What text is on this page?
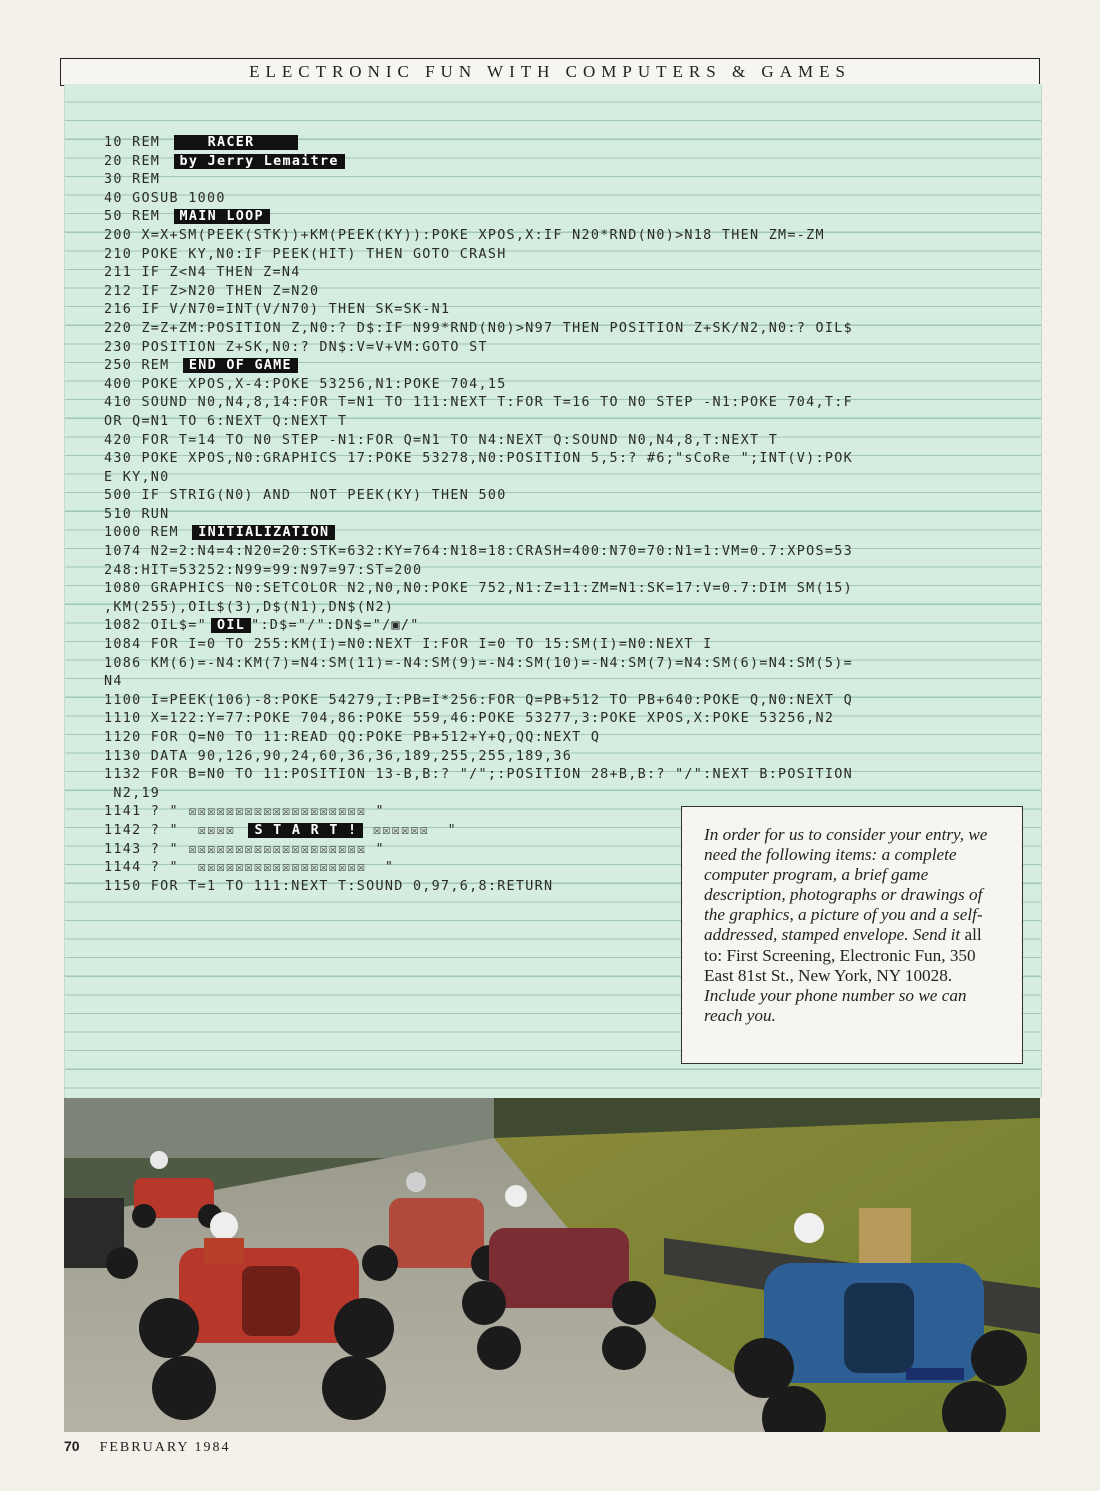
ELECTRONIC FUN WITH COMPUTERS & GAMES
10 REM    RACER
20 REM by Jerry Lemaitre
30 REM
40 GOSUB 1000
50 REM MAIN LOOP
200 X=X+SM(PEEK(STK))+KM(PEEK(KY)):POKE XPOS,X:IF N20*RND(N0)>N18 THEN ZM=-ZM
210 POKE KY,N0:IF PEEK(HIT) THEN GOTO CRASH
211 IF Z<N4 THEN Z=N4
212 IF Z>N20 THEN Z=N20
216 IF V/N70=INT(V/N70) THEN SK=SK-N1
220 Z=Z+ZM:POSITION Z,N0:? D$:IF N99*RND(N0)>N97 THEN POSITION Z+SK/N2,N0:? OIL$
230 POSITION Z+SK,N0:? DN$:V=V+VM:GOTO ST
250 REM END OF GAME
400 POKE XPOS,X-4:POKE 53256,N1:POKE 704,15
410 SOUND N0,N4,8,14:FOR T=N1 TO 111:NEXT T:FOR T=16 TO N0 STEP -N1:POKE 704,T:F
OR Q=N1 TO 6:NEXT Q:NEXT T
420 FOR T=14 TO N0 STEP -N1:FOR Q=N1 TO N4:NEXT Q:SOUND N0,N4,8,T:NEXT T
430 POKE XPOS,N0:GRAPHICS 17:POKE 53278,N0:POSITION 5,5:? #6;"sCoRe ";INT(V):POK
E KY,N0
500 IF STRIG(N0) AND  NOT PEEK(KY) THEN 500
510 RUN
1000 REM INITIALIZATION
1074 N2=2:N4=4:N20=20:STK=632:KY=764:N18=18:CRASH=400:N70=70:N1=1:VM=0.7:XPOS=53
248:HIT=53252:N99=99:N97=97:ST=200
1080 GRAPHICS N0:SETCOLOR N2,N0,N0:POKE 752,N1:Z=11:ZM=N1:SK=17:V=0.7:DIM SM(15)
,KM(255),OIL$(3),D$(N1),DN$(N2)
1082 OIL$=" OIL ":D$="/":DN$="/▣/"
1084 FOR I=0 TO 255:KM(I)=N0:NEXT I:FOR I=0 TO 15:SM(I)=N0:NEXT I
1086 KM(6)=-N4:KM(7)=N4:SM(11)=-N4:SM(9)=-N4:SM(10)=-N4:SM(7)=N4:SM(6)=N4:SM(5)=
N4
1100 I=PEEK(106)-8:POKE 54279,I:PB=I*256:FOR Q=PB+512 TO PB+640:POKE Q,N0:NEXT Q
1110 X=122:Y=77:POKE 704,86:POKE 559,46:POKE 53277,3:POKE XPOS,X:POKE 53256,N2
1120 FOR Q=N0 TO 11:READ QQ:POKE PB+512+Y+Q,QQ:NEXT Q
1130 DATA 90,126,90,24,60,36,36,189,255,255,189,36
1132 FOR B=N0 TO 11:POSITION 13-B,B:? "/";:POSITION 28+B,B:? "/":NEXT B:POSITION
N2,19
1141 ? " ☒☒☒☒☒☒☒☒☒☒☒☒☒☒☒☒☒☒☒ "
1142 ? "  ☒☒☒☒ S T A R T ! ☒☒☒☒☒☒  "
1143 ? " ☒☒☒☒☒☒☒☒☒☒☒☒☒☒☒☒☒☒☒ "
1144 ? "  ☒☒☒☒☒☒☒☒☒☒☒☒☒☒☒☒☒☒  "
1150 FOR T=1 TO 111:NEXT T:SOUND 0,97,6,8:RETURN
In order for us to consider your entry, we need the following items: a complete computer program, a brief game description, photographs or drawings of the graphics, a picture of you and a self-addressed, stamped envelope. Send it all to: First Screening, Electronic Fun, 350 East 81st St., New York, NY 10028. Include your phone number so we can reach you.
70 FEBRUARY 1984
